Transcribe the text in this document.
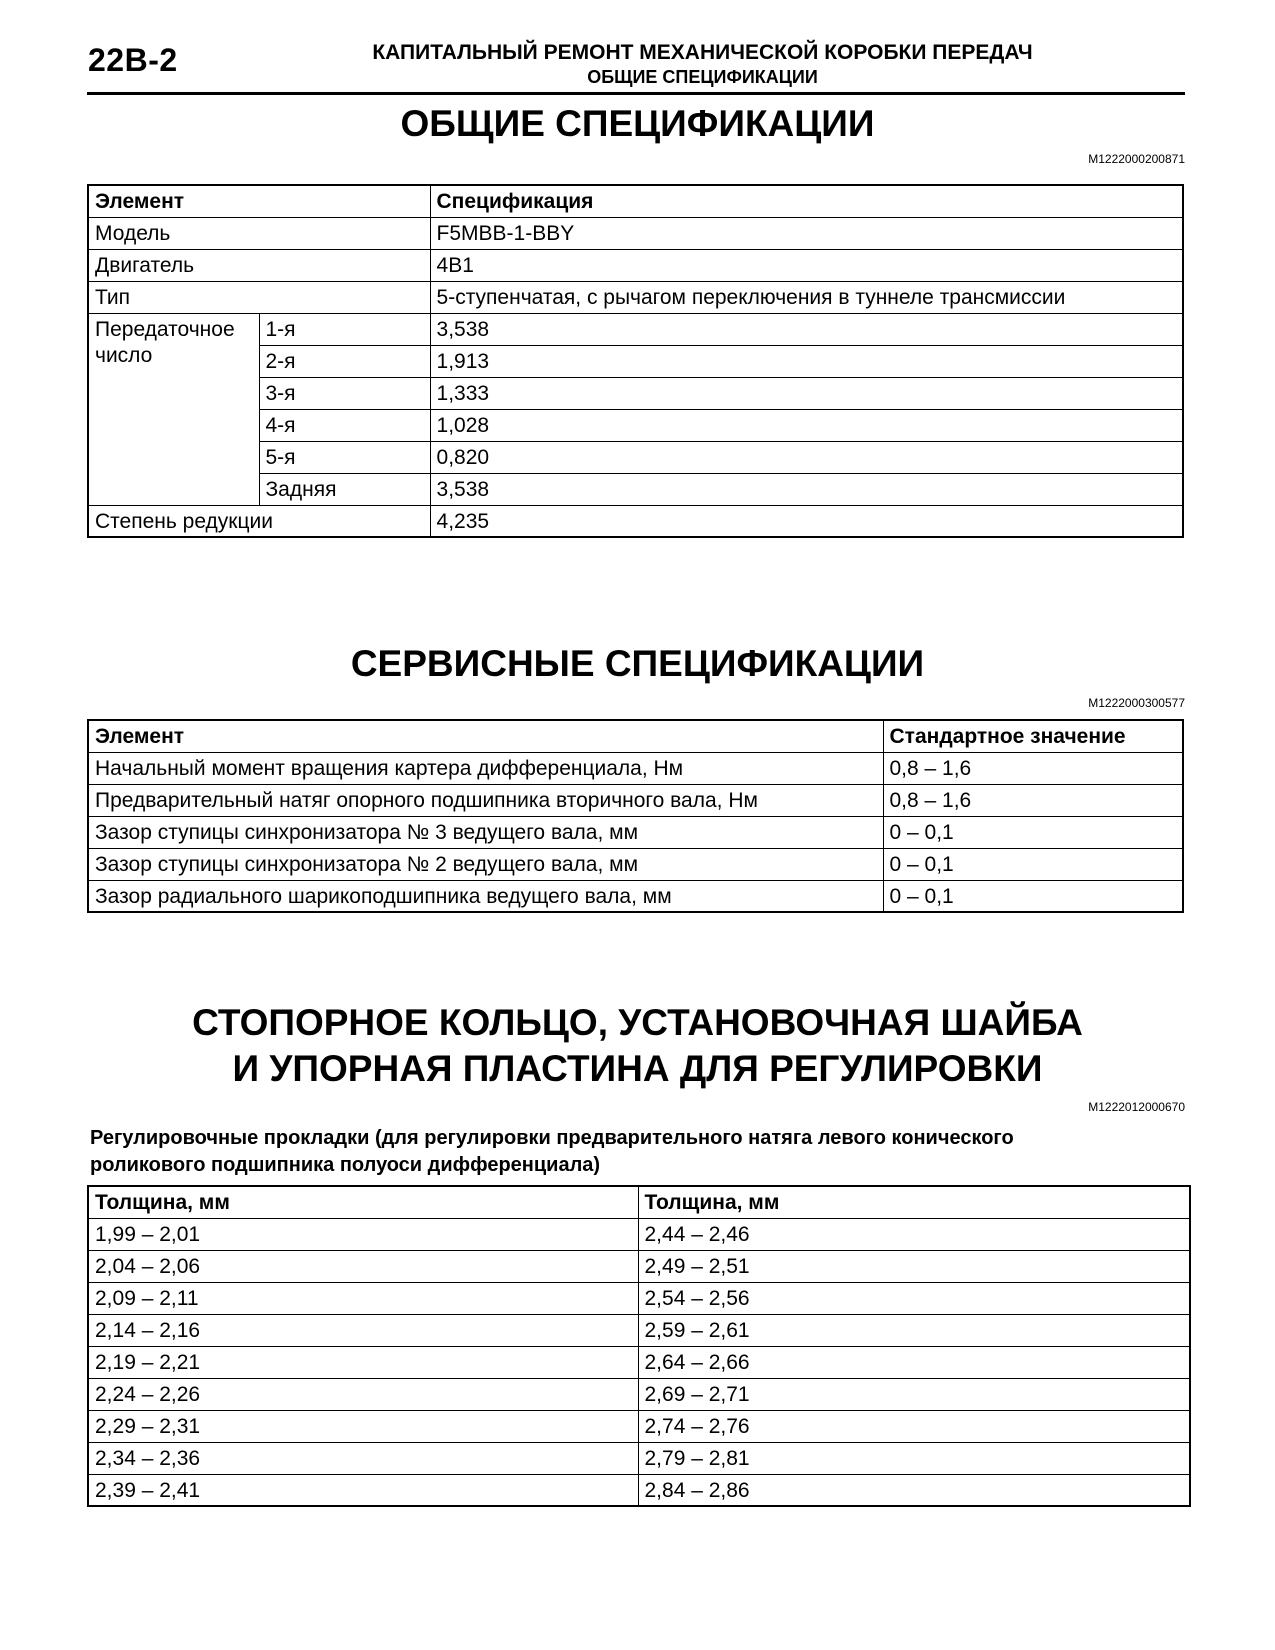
22B-2	КАПИТАЛЬНЫЙ РЕМОНТ МЕХАНИЧЕСКОЙ КОРОБКИ ПЕРЕДАЧ
ОБЩИЕ СПЕЦИФИКАЦИИ
ОБЩИЕ СПЕЦИФИКАЦИИ
M1222000200871
Элемент		Спецификация
Модель		F5MBB-1-BBY
Двигатель		4B1
Тип		5-ступенчатая, с рычагом переключения в туннеле трансмиссии
Передаточное число	1-я	3,538
	2-я	1,913
	3-я	1,333
	4-я	1,028
	5-я	0,820
	Задняя	3,538
Степень редукции		4,235
СЕРВИСНЫЕ СПЕЦИФИКАЦИИ
M1222000300577
Элемент	Стандартное значение
Начальный момент вращения картера дифференциала, Нм	0,8 – 1,6
Предварительный натяг опорного подшипника вторичного вала, Нм	0,8 – 1,6
Зазор ступицы синхронизатора № 3 ведущего вала, мм	0 – 0,1
Зазор ступицы синхронизатора № 2 ведущего вала, мм	0 – 0,1
Зазор радиального шарикоподшипника ведущего вала, мм	0 – 0,1
СТОПОРНОЕ КОЛЬЦО, УСТАНОВОЧНАЯ ШАЙБА
И УПОРНАЯ ПЛАСТИНА ДЛЯ РЕГУЛИРОВКИ
M1222012000670
Регулировочные прокладки (для регулировки предварительного натяга левого конического
роликового подшипника полуоси дифференциала)
Толщина, мм	Толщина, мм
1,99 – 2,01	2,44 – 2,46
2,04 – 2,06	2,49 – 2,51
2,09 – 2,11	2,54 – 2,56
2,14 – 2,16	2,59 – 2,61
2,19 – 2,21	2,64 – 2,66
2,24 – 2,26	2,69 – 2,71
2,29 – 2,31	2,74 – 2,76
2,34 – 2,36	2,79 – 2,81
2,39 – 2,41	2,84 – 2,86
